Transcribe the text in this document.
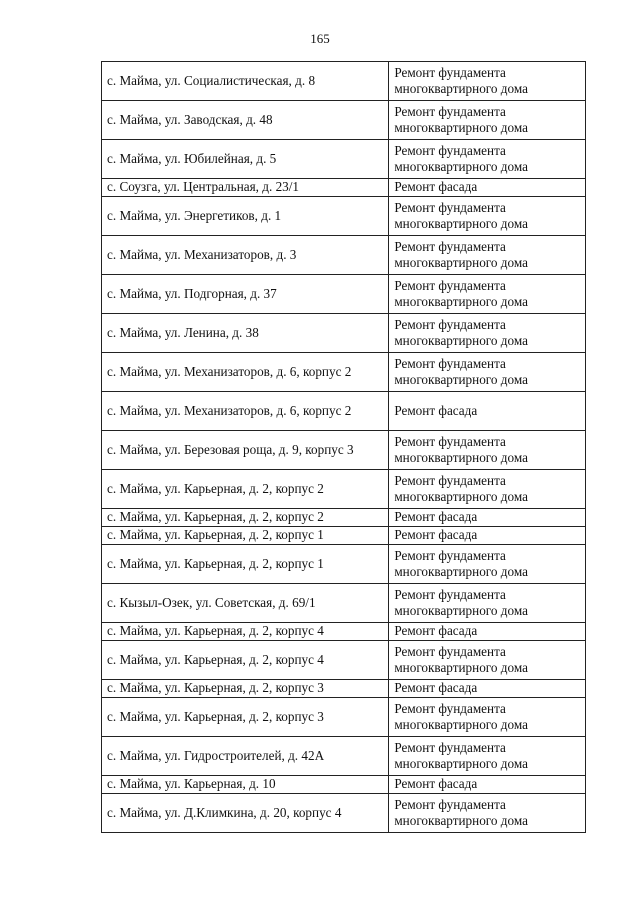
165
с. Майма, ул. Социалистическая, д. 8	Ремонт фундамента многоквартирного дома
с. Майма, ул. Заводская, д. 48	Ремонт фундамента многоквартирного дома
с. Майма, ул. Юбилейная, д. 5	Ремонт фундамента многоквартирного дома
с. Соузга, ул. Центральная, д. 23/1	Ремонт фасада
с. Майма, ул. Энергетиков, д. 1	Ремонт фундамента многоквартирного дома
с. Майма, ул. Механизаторов, д. 3	Ремонт фундамента многоквартирного дома
с. Майма, ул. Подгорная, д. 37	Ремонт фундамента многоквартирного дома
с. Майма, ул. Ленина, д. 38	Ремонт фундамента многоквартирного дома
с. Майма, ул. Механизаторов, д. 6, корпус 2	Ремонт фундамента многоквартирного дома
с. Майма, ул. Механизаторов, д. 6, корпус 2	Ремонт фасада
с. Майма, ул. Березовая роща, д. 9, корпус 3	Ремонт фундамента многоквартирного дома
с. Майма, ул. Карьерная, д. 2, корпус 2	Ремонт фундамента многоквартирного дома
с. Майма, ул. Карьерная, д. 2, корпус 2	Ремонт фасада
с. Майма, ул. Карьерная, д. 2, корпус 1	Ремонт фасада
с. Майма, ул. Карьерная, д. 2, корпус 1	Ремонт фундамента многоквартирного дома
с. Кызыл-Озек, ул. Советская, д. 69/1	Ремонт фундамента многоквартирного дома
с. Майма, ул. Карьерная, д. 2, корпус 4	Ремонт фасада
с. Майма, ул. Карьерная, д. 2, корпус 4	Ремонт фундамента многоквартирного дома
с. Майма, ул. Карьерная, д. 2, корпус 3	Ремонт фасада
с. Майма, ул. Карьерная, д. 2, корпус 3	Ремонт фундамента многоквартирного дома
с. Майма, ул. Гидростроителей, д. 42А	Ремонт фундамента многоквартирного дома
с. Майма, ул. Карьерная, д. 10	Ремонт фасада
с. Майма, ул. Д.Климкина, д. 20, корпус 4	Ремонт фундамента многоквартирного дома
